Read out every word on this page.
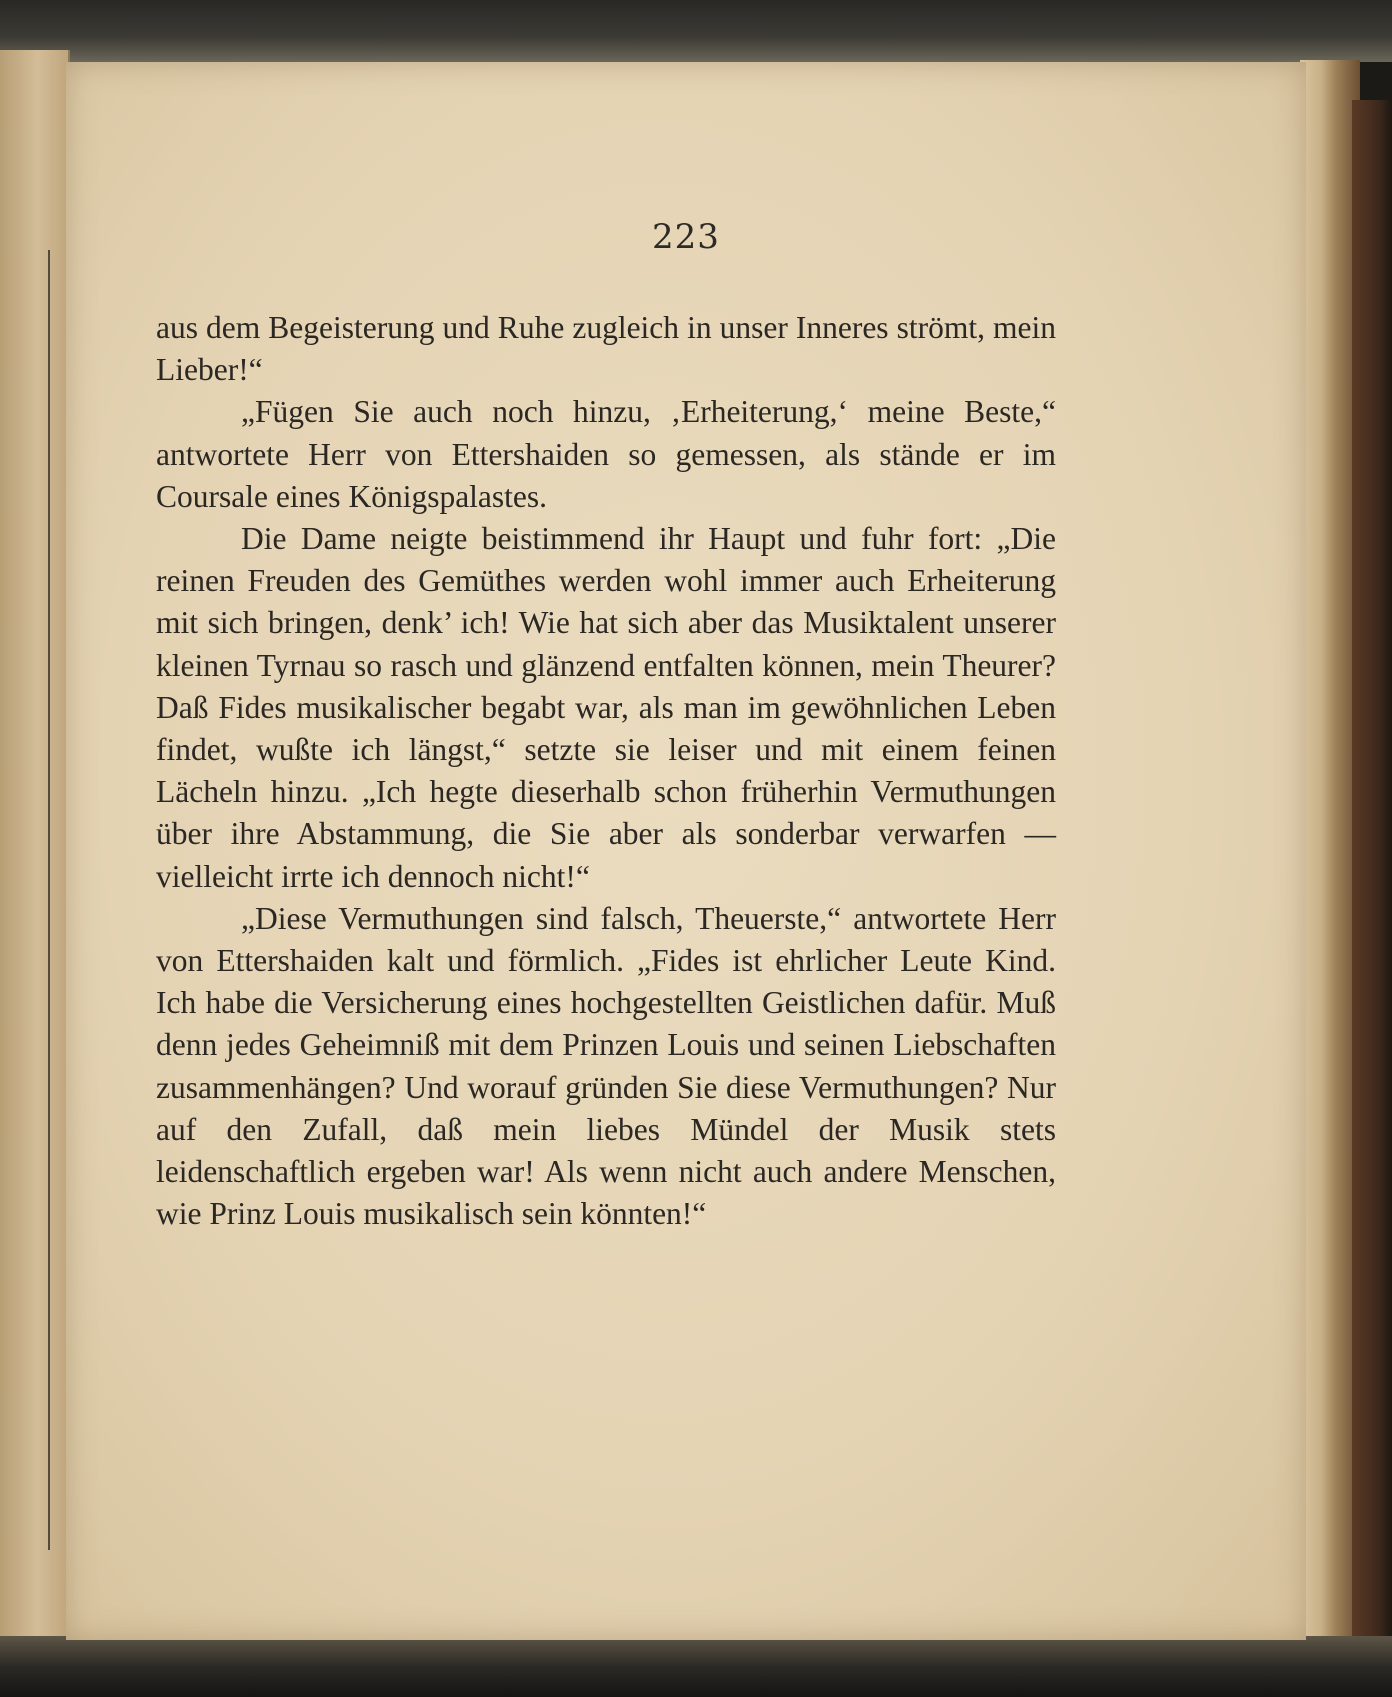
223

aus dem Begeisterung und Ruhe zugleich in unser Inneres strömt, mein Lieber!“

„Fügen Sie auch noch hinzu, ‚Erheiterung,‘ meine Beste,“ antwortete Herr von Ettershaiden so gemessen, als stände er im Coursale eines Königspalastes.

Die Dame neigte beistimmend ihr Haupt und fuhr fort: „Die reinen Freuden des Gemüthes werden wohl immer auch Erheiterung mit sich bringen, denk’ ich! Wie hat sich aber das Musiktalent unserer kleinen Tyrnau so rasch und glänzend entfalten können, mein Theurer? Daß Fides musikalischer begabt war, als man im gewöhnlichen Leben findet, wußte ich längst,“ setzte sie leiser und mit einem feinen Lächeln hinzu. „Ich hegte dieserhalb schon früherhin Vermuthungen über ihre Abstammung, die Sie aber als sonderbar verwarfen — vielleicht irrte ich dennoch nicht!“

„Diese Vermuthungen sind falsch, Theuerste,“ antwortete Herr von Ettershaiden kalt und förmlich. „Fides ist ehrlicher Leute Kind. Ich habe die Versicherung eines hochgestellten Geistlichen dafür. Muß denn jedes Geheimniß mit dem Prinzen Louis und seinen Liebschaften zusammenhängen? Und worauf gründen Sie diese Vermuthungen? Nur auf den Zufall, daß mein liebes Mündel der Musik stets leidenschaftlich ergeben war! Als wenn nicht auch andere Menschen, wie Prinz Louis musikalisch sein könnten!“
